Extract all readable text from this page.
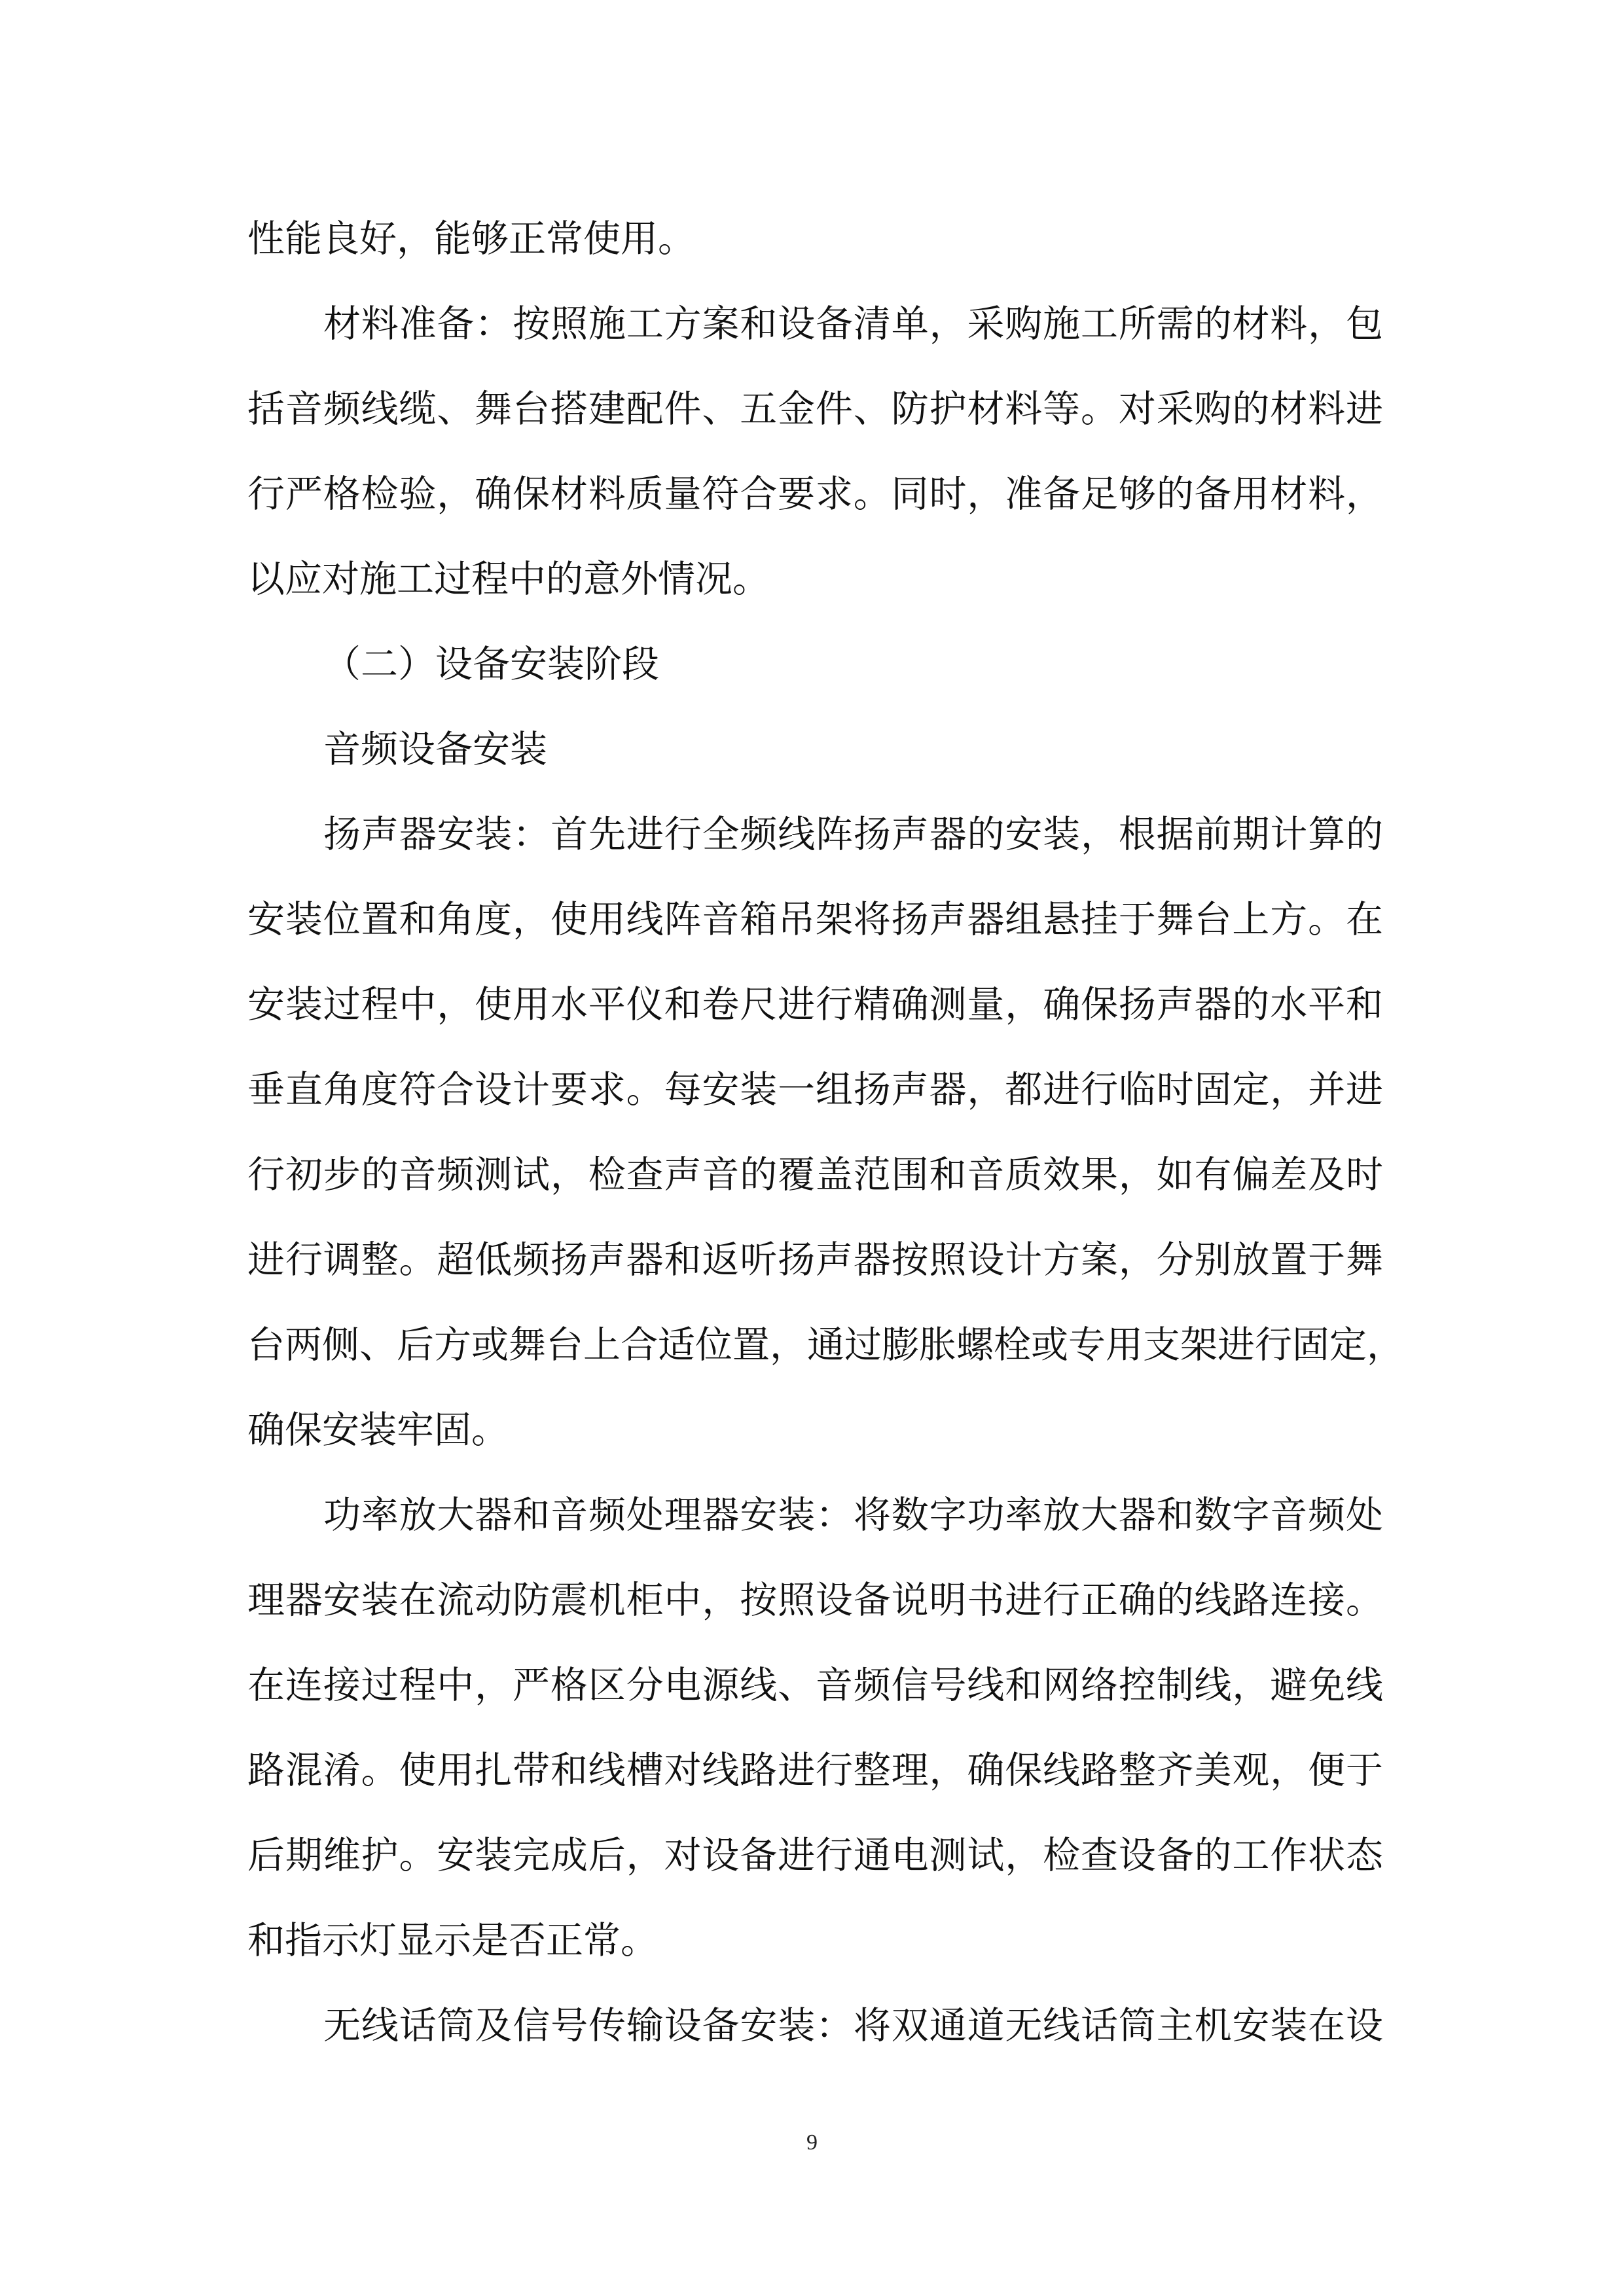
性能良好，能够正常使用。
材料准备：按照施工方案和设备清单，采购施工所需的材料，包
括音频线缆、舞台搭建配件、五金件、防护材料等。对采购的材料进
行严格检验，确保材料质量符合要求。同时，准备足够的备用材料，
以应对施工过程中的意外情况。
（二）设备安装阶段
音频设备安装
扬声器安装：首先进行全频线阵扬声器的安装，根据前期计算的
安装位置和角度，使用线阵音箱吊架将扬声器组悬挂于舞台上方。在
安装过程中，使用水平仪和卷尺进行精确测量，确保扬声器的水平和
垂直角度符合设计要求。每安装一组扬声器，都进行临时固定，并进
行初步的音频测试，检查声音的覆盖范围和音质效果，如有偏差及时
进行调整。超低频扬声器和返听扬声器按照设计方案，分别放置于舞
台两侧、后方或舞台上合适位置，通过膨胀螺栓或专用支架进行固定，
确保安装牢固。
功率放大器和音频处理器安装：将数字功率放大器和数字音频处
理器安装在流动防震机柜中，按照设备说明书进行正确的线路连接。
在连接过程中，严格区分电源线、音频信号线和网络控制线，避免线
路混淆。使用扎带和线槽对线路进行整理，确保线路整齐美观，便于
后期维护。安装完成后，对设备进行通电测试，检查设备的工作状态
和指示灯显示是否正常。
无线话筒及信号传输设备安装：将双通道无线话筒主机安装在设
9
